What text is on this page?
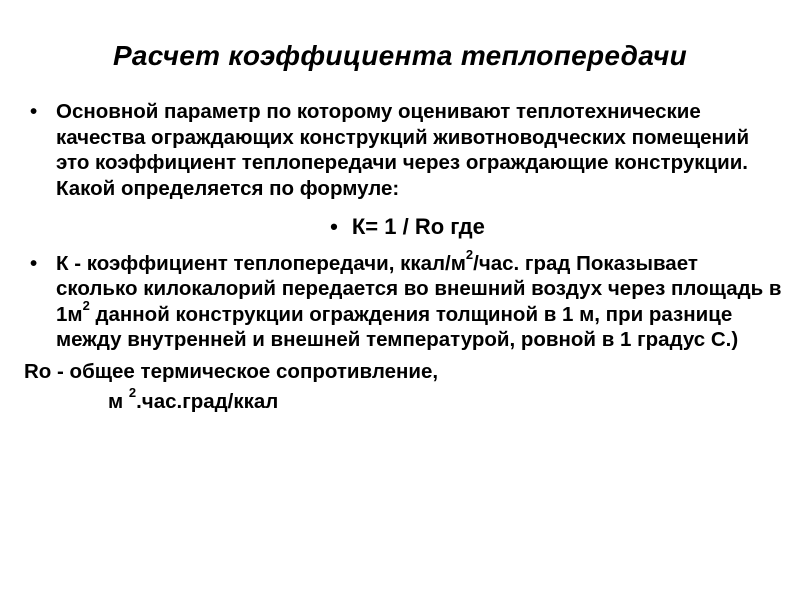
Расчет коэффициента теплопередачи
• Основной параметр по которому оценивают теплотехнические качества ограждающих конструкций животноводческих помещений это коэффициент теплопередачи через ограждающие конструкции. Какой определяется по формуле:
• К= 1 / Ro где
• К - коэффициент теплопередачи, ккал/$м^2$/час. град Показывает сколько килокалорий передается во внешний воздух через площадь в $1м^2$ данной конструкции ограждения толщиной в 1 м, при разнице между внутренней и внешней температурой, ровной в 1 градус С.)
Ro - общее термическое сопротивление,
м $^2$.час.град/ккал
